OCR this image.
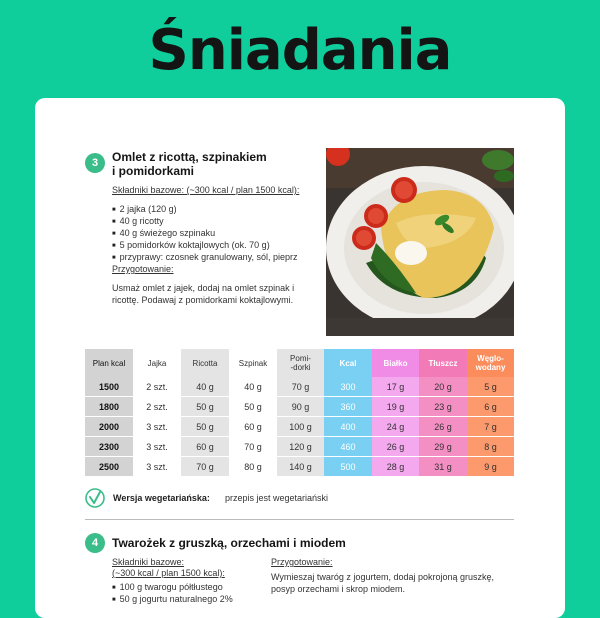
Śniadania
3	Omlet z ricottą, szpinakiem
i pomidorkami
Składniki bazowe: (~300 kcal / plan 1500 kcal):
■ 2 jajka (120 g)
■ 40 g ricotty
■ 40 g świeżego szpinaku
■ 5 pomidorków koktajlowych (ok. 70 g)
■ przyprawy: czosnek granulowany, sól, pieprz
Przygotowanie:
Usmaż omlet z jajek, dodaj na omlet szpinak i ricottę. Podawaj z pomidorkami koktajlowymi.
Plan kcal	Jajka	Ricotta	Szpinak	Pomi-
-dorki	Kcal	Białko	Tłuszcz	Węglo-
wodany
1500	2 szt.	40 g	40 g	70 g	300	17 g	20 g	5 g
1800	2 szt.	50 g	50 g	90 g	360	19 g	23 g	6 g
2000	3 szt.	50 g	60 g	100 g	400	24 g	26 g	7 g
2300	3 szt.	60 g	70 g	120 g	460	26 g	29 g	8 g
2500	3 szt.	70 g	80 g	140 g	500	28 g	31 g	9 g
Wersja wegetariańska: przepis jest wegetariański
4	Twarożek z gruszką, orzechami i miodem
Składniki bazowe:
(~300 kcal / plan 1500 kcal):
■ 100 g twarogu półtłustego
■ 50 g jogurtu naturalnego 2%
Przygotowanie:
Wymieszaj twaróg z jogurtem, dodaj pokrojoną gruszkę, posyp orzechami i skrop miodem.
